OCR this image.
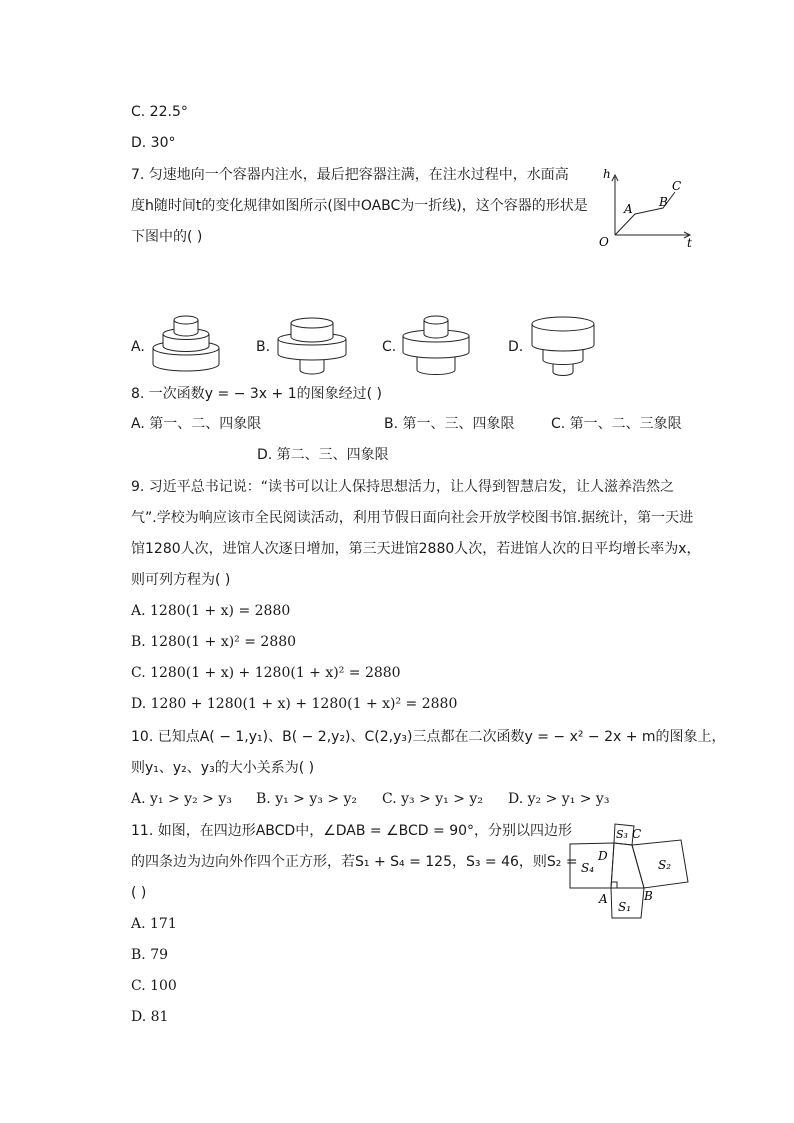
C. 22.5°
D. 30°
7. 匀速地向一个容器内注水，最后把容器注满，在注水过程中，水面高
度h随时间t的变化规律如图所示(图中OABC为一折线)，这个容器的形状是
下图中的( )
h
t
O
A B
C
A.	B.	C.	D.
8. 一次函数y = − 3x + 1的图象经过( )
A. 第一、二、四象限	B. 第一、三、四象限	C. 第一、二、三象限
D. 第二、三、四象限
9. 习近平总书记说：“读书可以让人保持思想活力，让人得到智慧启发，让人滋养浩然之
气”.学校为响应该市全民阅读活动，利用节假日面向社会开放学校图书馆.据统计，第一天进
馆1280人次，进馆人次逐日增加，第三天进馆2880人次，若进馆人次的日平均增长率为x，
则可列方程为( )
A. 1280(1 + x) = 2880
B. 1280(1 + x)² = 2880
C. 1280(1 + x) + 1280(1 + x)² = 2880
D. 1280 + 1280(1 + x) + 1280(1 + x)² = 2880
10. 已知点A( − 1,y₁)、B( − 2,y₂)、C(2,y₃)三点都在二次函数y = − x² − 2x + m的图象上，
则y₁、y₂、y₃的大小关系为( )
A. y₁ > y₂ > y₃ B. y₁ > y₃ > y₂ C. y₃ > y₁ > y₂ D. y₂ > y₁ > y₃
11. 如图，在四边形ABCD中，∠DAB = ∠BCD = 90°，分别以四边形
的四条边为边向外作四个正方形，若S₁ + S₄ = 125，S₃ = 46，则S₂ =
( )
S₁
S₂
S₃
S₄
A	B
C
D
A. 171
B. 79
C. 100
D. 81
